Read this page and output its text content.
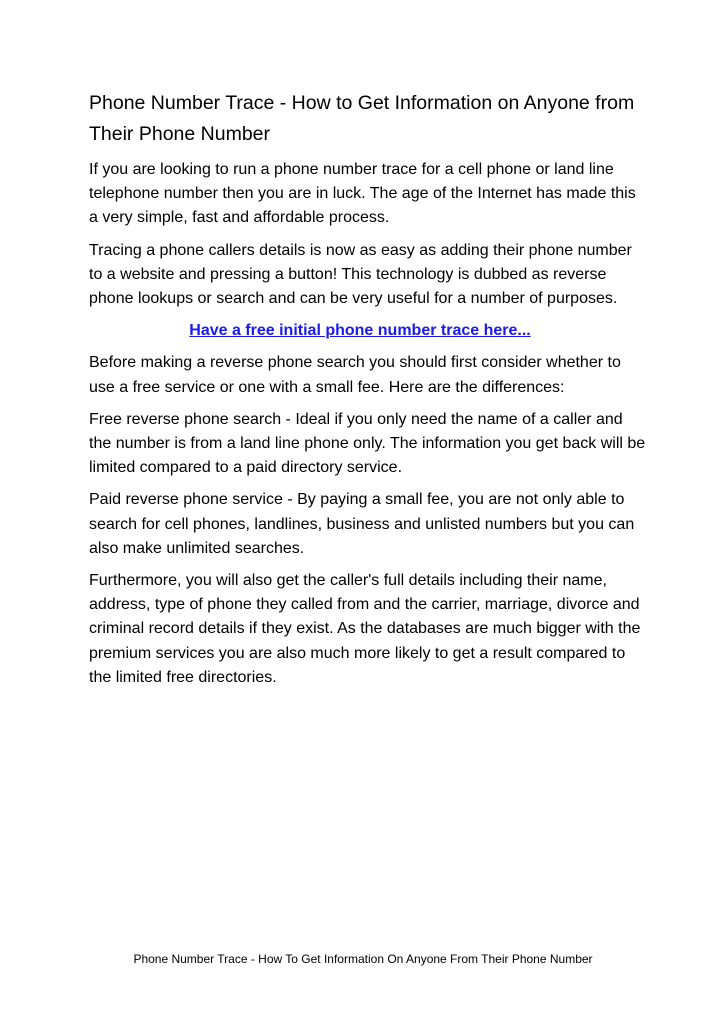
Phone Number Trace - How to Get Information on Anyone from Their Phone Number

If you are looking to run a phone number trace for a cell phone or land line telephone number then you are in luck. The age of the Internet has made this a very simple, fast and affordable process.

Tracing a phone callers details is now as easy as adding their phone number to a website and pressing a button! This technology is dubbed as reverse phone lookups or search and can be very useful for a number of purposes.

Have a free initial phone number trace here...

Before making a reverse phone search you should first consider whether to use a free service or one with a small fee. Here are the differences:

Free reverse phone search - Ideal if you only need the name of a caller and the number is from a land line phone only. The information you get back will be limited compared to a paid directory service.

Paid reverse phone service - By paying a small fee, you are not only able to search for cell phones, landlines, business and unlisted numbers but you can also make unlimited searches.

Furthermore, you will also get the caller's full details including their name, address, type of phone they called from and the carrier, marriage, divorce and criminal record details if they exist. As the databases are much bigger with the premium services you are also much more likely to get a result compared to the limited free directories.

Phone Number Trace - How To Get Information On Anyone From Their Phone Number
